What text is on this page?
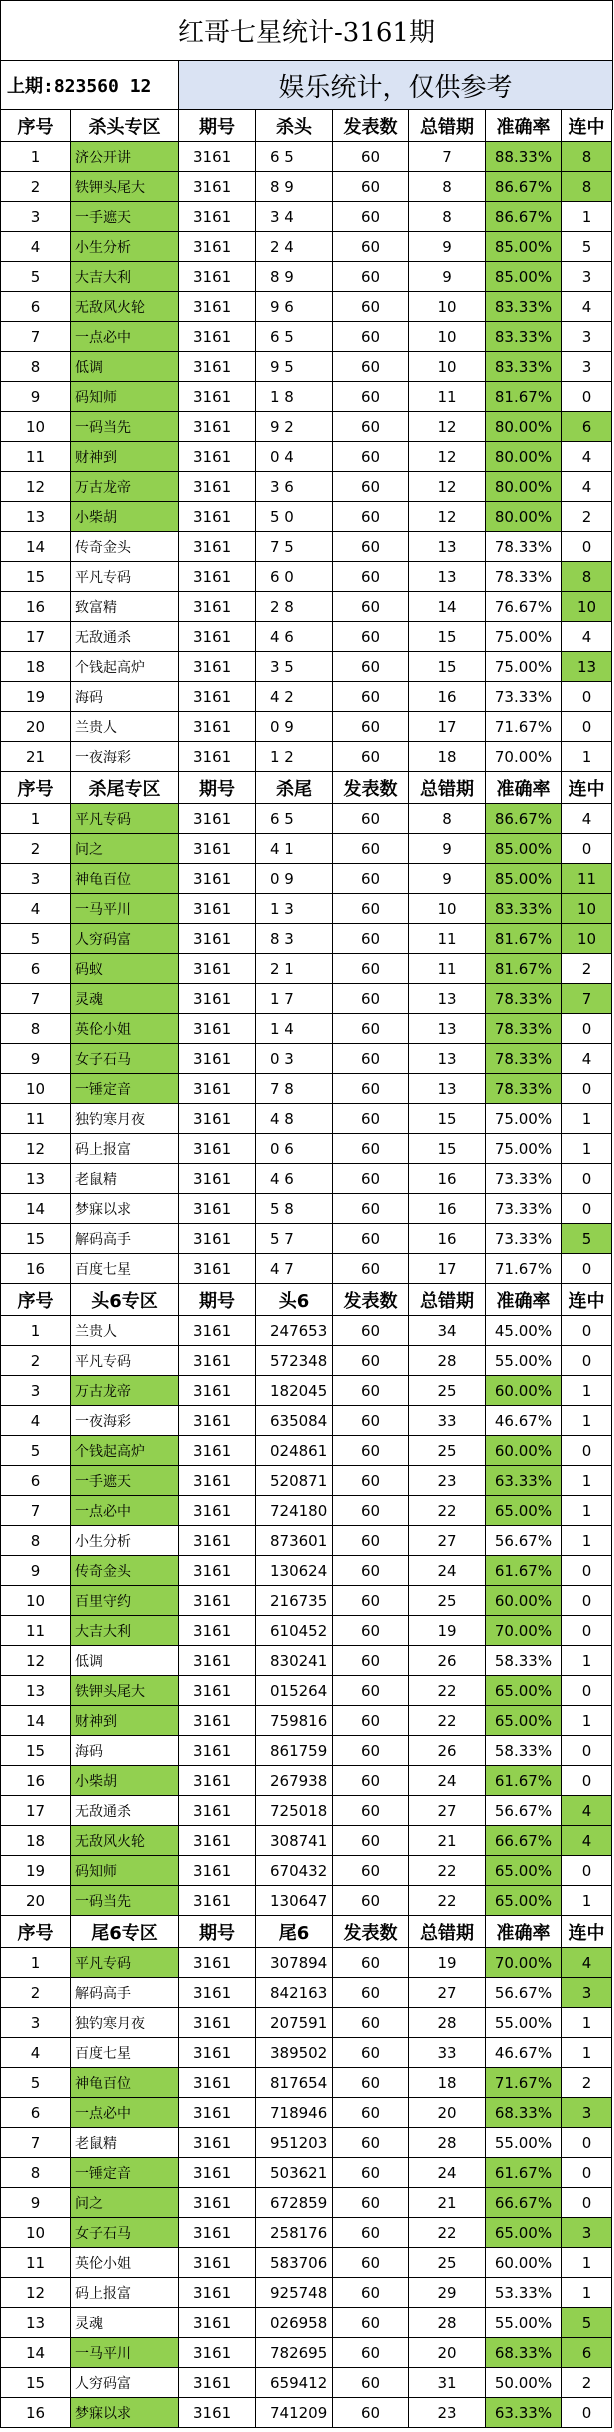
红哥七星统计-3161期
上期:823560 12	娱乐统计，仅供参考
序号	杀头专区	期号	杀头	发表数	总错期	准确率	连中
1	济公开讲	3161	6 5	60	7	88.33%	8
2	铁钾头尾大	3161	8 9	60	8	86.67%	8
3	一手遮天	3161	3 4	60	8	86.67%	1
4	小生分析	3161	2 4	60	9	85.00%	5
5	大吉大利	3161	8 9	60	9	85.00%	3
6	无敌风火轮	3161	9 6	60	10	83.33%	4
7	一点必中	3161	6 5	60	10	83.33%	3
8	低调	3161	9 5	60	10	83.33%	3
9	码知师	3161	1 8	60	11	81.67%	0
10	一码当先	3161	9 2	60	12	80.00%	6
11	财神到	3161	0 4	60	12	80.00%	4
12	万古龙帝	3161	3 6	60	12	80.00%	4
13	小柴胡	3161	5 0	60	12	80.00%	2
14	传奇金头	3161	7 5	60	13	78.33%	0
15	平凡专码	3161	6 0	60	13	78.33%	8
16	致富精	3161	2 8	60	14	76.67%	10
17	无敌通杀	3161	4 6	60	15	75.00%	4
18	个钱起高炉	3161	3 5	60	15	75.00%	13
19	海码	3161	4 2	60	16	73.33%	0
20	兰贵人	3161	0 9	60	17	71.67%	0
21	一夜海彩	3161	1 2	60	18	70.00%	1
序号	杀尾专区	期号	杀尾	发表数	总错期	准确率	连中
1	平凡专码	3161	6 5	60	8	86.67%	4
2	问之	3161	4 1	60	9	85.00%	0
3	神龟百位	3161	0 9	60	9	85.00%	11
4	一马平川	3161	1 3	60	10	83.33%	10
5	人穷码富	3161	8 3	60	11	81.67%	10
6	码蚁	3161	2 1	60	11	81.67%	2
7	灵魂	3161	1 7	60	13	78.33%	7
8	英伦小姐	3161	1 4	60	13	78.33%	0
9	女子石马	3161	0 3	60	13	78.33%	4
10	一锤定音	3161	7 8	60	13	78.33%	0
11	独钓寒月夜	3161	4 8	60	15	75.00%	1
12	码上报富	3161	0 6	60	15	75.00%	1
13	老鼠精	3161	4 6	60	16	73.33%	0
14	梦寐以求	3161	5 8	60	16	73.33%	0
15	解码高手	3161	5 7	60	16	73.33%	5
16	百度七星	3161	4 7	60	17	71.67%	0
序号	头6专区	期号	头6	发表数	总错期	准确率	连中
1	兰贵人	3161	247653	60	34	45.00%	0
2	平凡专码	3161	572348	60	28	55.00%	0
3	万古龙帝	3161	182045	60	25	60.00%	1
4	一夜海彩	3161	635084	60	33	46.67%	1
5	个钱起高炉	3161	024861	60	25	60.00%	0
6	一手遮天	3161	520871	60	23	63.33%	1
7	一点必中	3161	724180	60	22	65.00%	1
8	小生分析	3161	873601	60	27	56.67%	1
9	传奇金头	3161	130624	60	24	61.67%	0
10	百里守约	3161	216735	60	25	60.00%	0
11	大吉大利	3161	610452	60	19	70.00%	0
12	低调	3161	830241	60	26	58.33%	1
13	铁钾头尾大	3161	015264	60	22	65.00%	0
14	财神到	3161	759816	60	22	65.00%	1
15	海码	3161	861759	60	26	58.33%	0
16	小柴胡	3161	267938	60	24	61.67%	0
17	无敌通杀	3161	725018	60	27	56.67%	4
18	无敌风火轮	3161	308741	60	21	66.67%	4
19	码知师	3161	670432	60	22	65.00%	0
20	一码当先	3161	130647	60	22	65.00%	1
序号	尾6专区	期号	尾6	发表数	总错期	准确率	连中
1	平凡专码	3161	307894	60	19	70.00%	4
2	解码高手	3161	842163	60	27	56.67%	3
3	独钓寒月夜	3161	207591	60	28	55.00%	1
4	百度七星	3161	389502	60	33	46.67%	1
5	神龟百位	3161	817654	60	18	71.67%	2
6	一点必中	3161	718946	60	20	68.33%	3
7	老鼠精	3161	951203	60	28	55.00%	0
8	一锤定音	3161	503621	60	24	61.67%	0
9	问之	3161	672859	60	21	66.67%	0
10	女子石马	3161	258176	60	22	65.00%	3
11	英伦小姐	3161	583706	60	25	60.00%	1
12	码上报富	3161	925748	60	29	53.33%	1
13	灵魂	3161	026958	60	28	55.00%	5
14	一马平川	3161	782695	60	20	68.33%	6
15	人穷码富	3161	659412	60	31	50.00%	2
16	梦寐以求	3161	741209	60	23	63.33%	0
